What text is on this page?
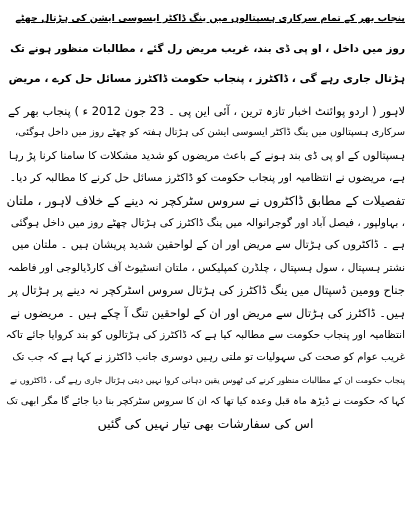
پنجاب بھر کے تمام سرکاری ہسپتالوں میں ینگ ڈاکٹر ایسوسی ایشن کی ہڑتال چھٹے
روز میں داخل ، او پی ڈی بند، غریب مریض رل گئے ، مطالبات منظور ہونے تک
ہڑتال جاری رہے گی ، ڈاکٹرز ، پنجاب حکومت ڈاکٹرز مسائل حل کرے ، مریض
لاہور ( اردو پوائنٹ اخبار تازہ ترین ، آئی این پی ۔ 23 جون 2012 ء ) پنجاب بھر کے
سرکاری ہسپتالوں میں ینگ ڈاکٹر ایسوسی ایشن کی ہڑتال ہفتہ کو چھٹے روز میں داخل ہوگئی،
ہسپتالوں کے او پی ڈی بند ہونے کے باعث مریضوں کو شدید مشکلات کا سامنا کرنا پڑ رہا
ہے، مریضوں نے انتظامیہ اور پنجاب حکومت کو ڈاکٹرز مسائل حل کرنے کا مطالبہ کر دیا۔
تفصیلات کے مطابق ڈاکٹروں نے سروس سٹرکچر نہ دینے کے خلاف لاہور ، ملتان
، بہاولپور ، فیصل آباد اور گوجرانوالہ میں ینگ ڈاکٹرز کی ہڑتال چھٹے روز میں داخل ہوگئی
ہے ۔ ڈاکٹروں کی ہڑتال سے مریض اور ان کے لواحقین شدید پریشان ہیں ۔ ملتان میں
نشتر ہسپتال ، سول ہسپتال ، چلڈرن کمپلیکس ، ملتان انسٹیوٹ آف کارڈیالوجی اور فاطمہ
جناح وومین ڈسپتال میں ینگ ڈاکٹرز کی ہڑتال سروس اسٹرکچر نہ دینے پر ہڑتال پر
ہیں۔ ڈاکٹرز کی ہڑتال سے مریض اور ان کے لواحقین تنگ آ چکے ہیں ۔ مریضوں نے
انتظامیہ اور پنجاب حکومت سے مطالبہ کیا ہے کہ ڈاکٹرز کی ہڑتالوں کو بند کروایا جائے تاکہ
غریب عوام کو صحت کی سہولیات تو ملتی رہیں دوسری جانب ڈاکٹرز نے کہا ہے کہ جب تک
پنجاب حکومت ان کے مطالبات منظور کرنے کی ٹھوس یقین دہانی کروا نہیں دیتی ہڑتال جاری رہے گی ، ڈاکٹروں نے
کہا کہ حکومت نے ڈیڑھ ماہ قبل وعدہ کیا تھا کہ ان کا سروس سٹرکچر بنا دیا جائے گا مگر ابھی تک
اس کی سفارشات بھی تیار نہیں کی گئیں
